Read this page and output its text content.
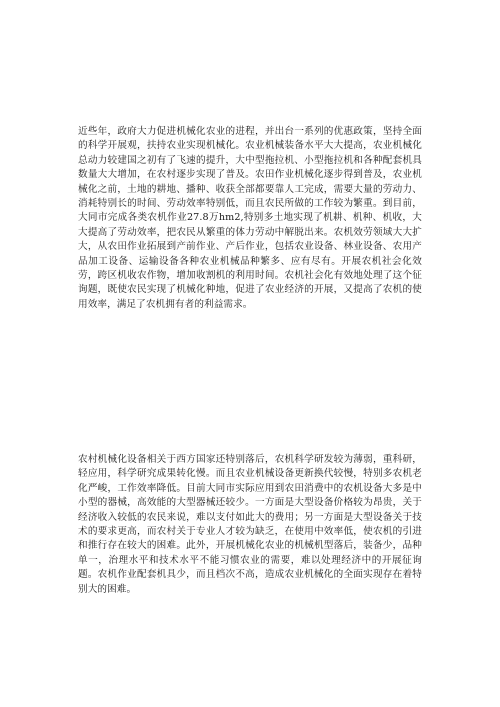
近些年，政府大力促进机械化农业的进程，并出台一系列的优惠政策，坚持全面的科学开展观，扶持农业实现机械化。农业机械装备水平大大提高，农业机械化总动力较建国之初有了飞速的提升，大中型拖拉机、小型拖拉机和各种配套机具数量大大增加，在农村逐步实现了普及。农田作业机械化逐步得到普及，农业机械化之前，土地的耕地、播种、收获全部都要靠人工完成，需要大量的劳动力、消耗特别长的时间、劳动效率特别低，而且农民所做的工作较为繁重。到目前，大同市完成各类农机作业27.8万hm2,特别多土地实现了机耕、机种、机收，大大提高了劳动效率，把农民从繁重的体力劳动中解脱出来。农机效劳领域大大扩大，从农田作业拓展到产前作业、产后作业，包括农业设备、林业设备、农用产品加工设备、运输设备各种农业机械品种繁多、应有尽有。开展农机社会化效劳，跨区机收农作物，增加收割机的利用时间。农机社会化有效地处理了这个征询题，既使农民实现了机械化种地，促进了农业经济的开展，又提高了农机的使用效率，满足了农机拥有者的利益需求。

农村机械化设备相关于西方国家还特别落后，农机科学研发较为薄弱，重科研，轻应用，科学研究成果转化慢。而且农业机械设备更新换代较慢，特别多农机老化严峻，工作效率降低。目前大同市实际应用到农田消费中的农机设备大多是中小型的器械，高效能的大型器械还较少。一方面是大型设备价格较为昂贵，关于经济收入较低的农民来说，难以支付如此大的费用；另一方面是大型设备关于技术的要求更高，而农村关于专业人才较为缺乏，在使用中效率低，使农机的引进和推行存在较大的困难。此外，开展机械化农业的机械机型落后，装备少，品种单一，治理水平和技术水平不能习惯农业的需要，难以处理经济中的开展征询题。农机作业配套机具少，而且档次不高，造成农业机械化的全面实现存在着特别大的困难。
